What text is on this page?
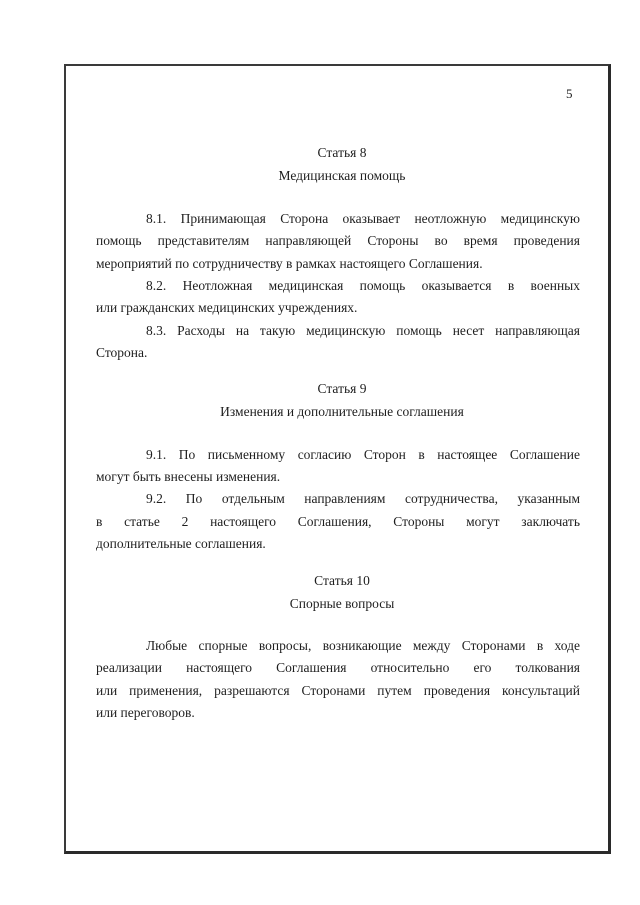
5

Статья 8

Медицинская помощь

8.1. Принимающая Сторона оказывает неотложную медицинскую

помощь представителям направляющей Стороны во время проведения

мероприятий по сотрудничеству в рамках настоящего Соглашения.

8.2. Неотложная медицинская помощь оказывается в военных

или гражданских медицинских учреждениях.

8.3. Расходы на такую медицинскую помощь несет направляющая

Сторона.

Статья 9

Изменения и дополнительные соглашения

9.1. По письменному согласию Сторон в настоящее Соглашение

могут быть внесены изменения.

9.2. По отдельным направлениям сотрудничества, указанным

в статье 2 настоящего Соглашения, Стороны могут заключать

дополнительные соглашения.

Статья 10

Спорные вопросы

Любые спорные вопросы, возникающие между Сторонами в ходе

реализации настоящего Соглашения относительно его толкования

или применения, разрешаются Сторонами путем проведения консультаций

или переговоров.
